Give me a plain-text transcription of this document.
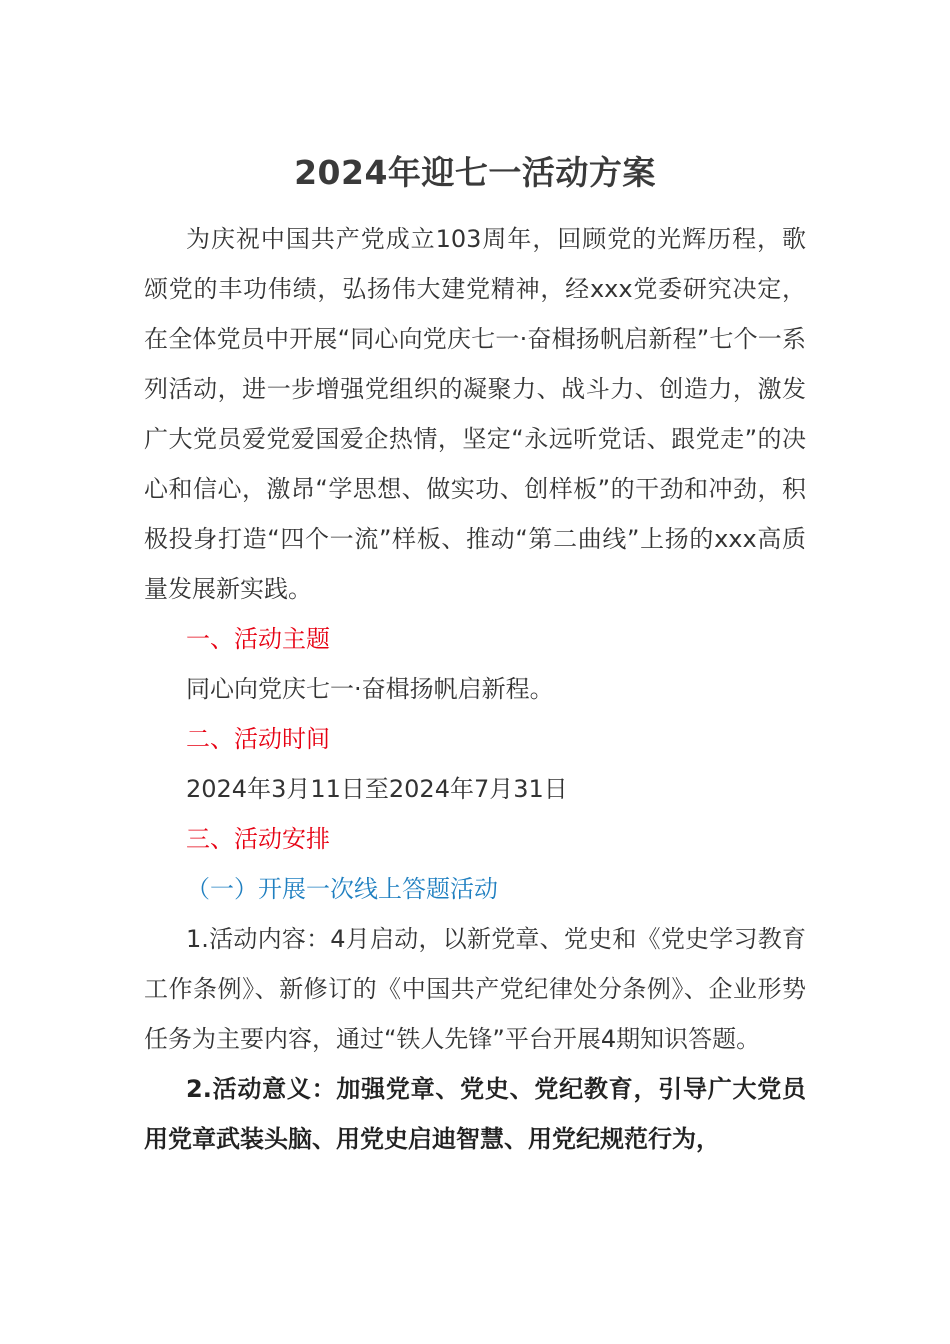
2024年迎七一活动方案

为庆祝中国共产党成立103周年，回顾党的光辉历程，歌颂党的丰功伟绩，弘扬伟大建党精神，经xxx党委研究决定，在全体党员中开展“同心向党庆七一·奋楫扬帆启新程”七个一系列活动，进一步增强党组织的凝聚力、战斗力、创造力，激发广大党员爱党爱国爱企热情，坚定“永远听党话、跟党走”的决心和信心，激昂“学思想、做实功、创样板”的干劲和冲劲，积极投身打造“四个一流”样板、推动“第二曲线”上扬的xxx高质量发展新实践。

一、活动主题

同心向党庆七一·奋楫扬帆启新程。

二、活动时间

2024年3月11日至2024年7月31日

三、活动安排

（一）开展一次线上答题活动

1.活动内容：4月启动，以新党章、党史和《党史学习教育工作条例》、新修订的《中国共产党纪律处分条例》、企业形势任务为主要内容，通过“铁人先锋”平台开展4期知识答题。

2.活动意义：加强党章、党史、党纪教育，引导广大党员用党章武装头脑、用党史启迪智慧、用党纪规范行为，
